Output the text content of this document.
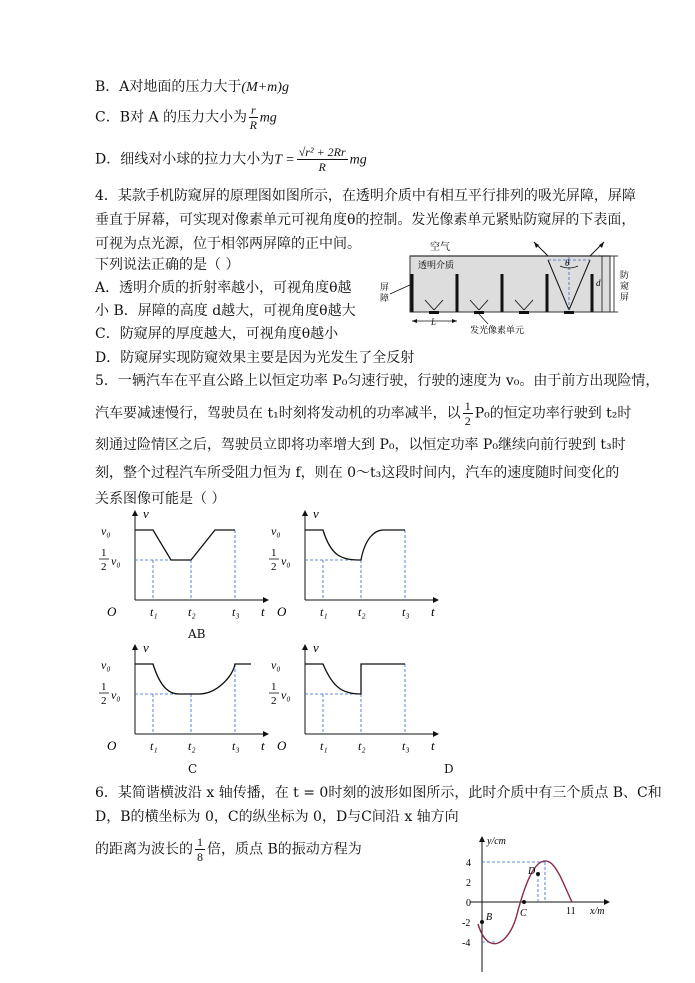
B．A对地面的压力大于(M+m)g
C．B对 A 的压力大小为 $\frac{r}{R}$ mg
D．细线对小球的拉力大小为$T = \frac{\text{√r² + 2Rr}}{R}$ mg
4．某款手机防窥屏的原理图如图所示，在透明介质中有相互平行排列的吸光屏障，屏障
垂直于屏幕，可实现对像素单元可视角度θ的控制。发光像素单元紧贴防窥屏的下表面，
可视为点光源，位于相邻两屏障的正中间。
下列说法正确的是（ ）
A．透明介质的折射率越小，可视角度θ越
小 B．屏障的高度 d越大，可视角度θ越大
C．防窥屏的厚度越大，可视角度θ越小
D．防窥屏实现防窥效果主要是因为光发生了全反射
空气
透明介质	θ
d
防窥屏
屏障
L
发光像素单元
5．一辆汽车在平直公路上以恒定功率 P₀匀速行驶，行驶的速度为 v₀。由于前方出现险情，
汽车要减速慢行，驾驶员在 t₁时刻将发动机的功率减半，以 $\frac{1}{2} P_0$的恒定功率行驶到 t₂时
刻通过险情区之后，驾驶员立即将功率增大到 P₀，以恒定功率 P₀继续向前行驶到 t₃时
刻，整个过程汽车所受阻力恒为 f，则在 0～t₃这段时间内，汽车的速度随时间变化的
关系图像可能是（ ）
v
t
O
v₀
1
2 v₀
t₁	t₂	t₃
v
t
O
v₀
1
2 v₀
t₁	t₂	t₃
v
t
O
v₀
1
2 v₀
t₁	t₂	t₃
v
t
O
v₀
1
2 v₀
t₁	t₂	t₃
AB
C	D
6．某简谐横波沿 x 轴传播，在 t = 0时刻的波形如图所示，此时介质中有三个质点 B、C和
D，B的横坐标为 0，C的纵坐标为 0，D与C间沿 x 轴方向
的距离为波长的 $\frac{1}{8}$ 倍，质点 B的振动方程为	y/cm
x/m
4
2
0
-2
-4
B	C
D
11
